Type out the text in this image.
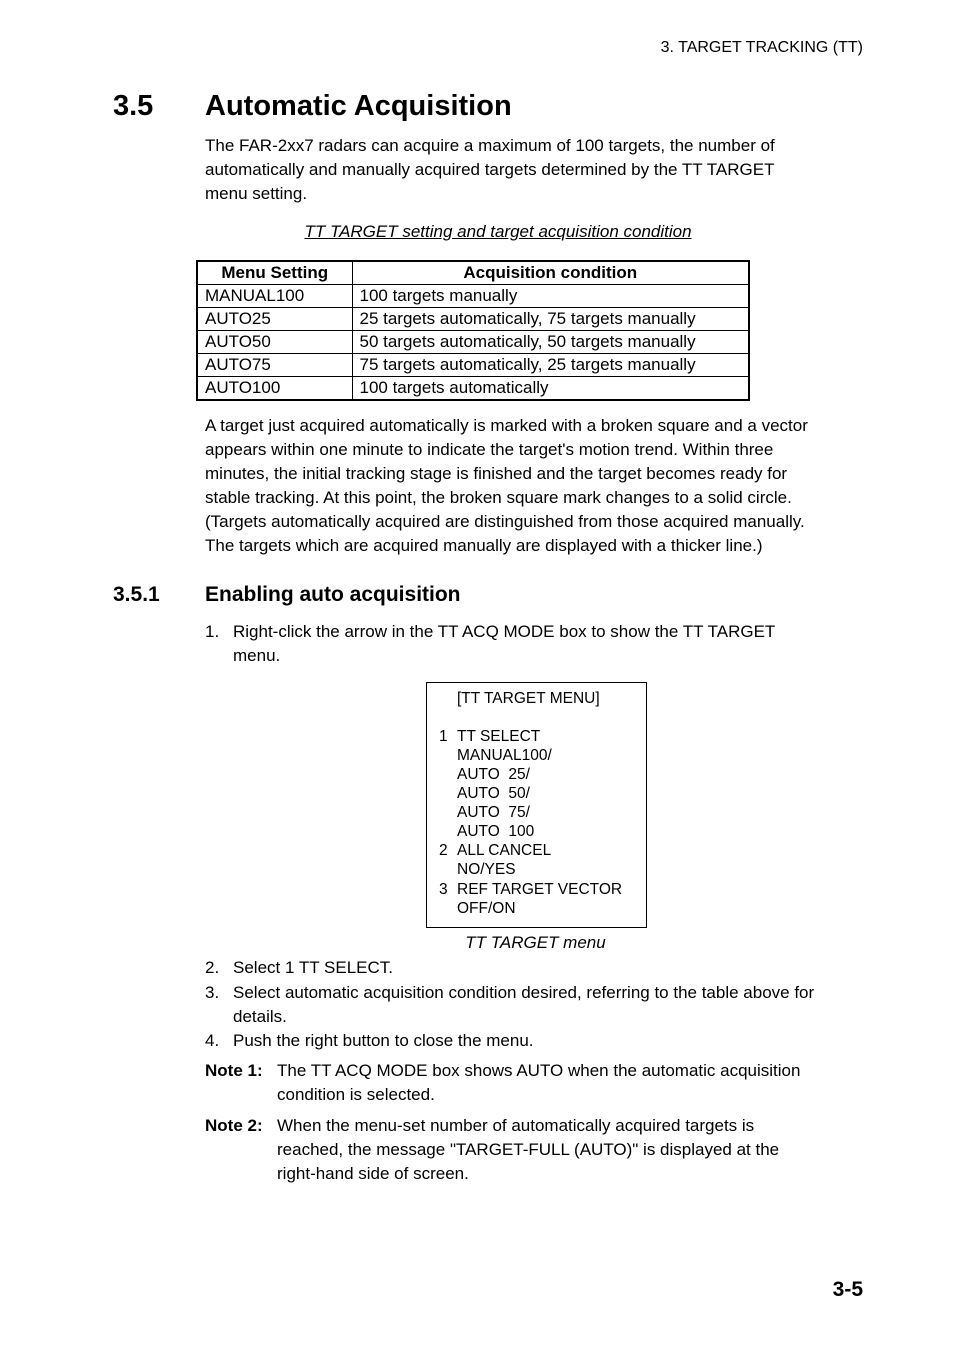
3. TARGET TRACKING (TT)
3.5 Automatic Acquisition
The FAR-2xx7 radars can acquire a maximum of 100 targets, the number of
automatically and manually acquired targets determined by the TT TARGET
menu setting.
TT TARGET setting and target acquisition condition
Menu Setting	Acquisition condition
MANUAL100	100 targets manually
AUTO25	25 targets automatically, 75 targets manually
AUTO50	50 targets automatically, 50 targets manually
AUTO75	75 targets automatically, 25 targets manually
AUTO100	100 targets automatically
A target just acquired automatically is marked with a broken square and a vector
appears within one minute to indicate the target's motion trend. Within three
minutes, the initial tracking stage is finished and the target becomes ready for
stable tracking. At this point, the broken square mark changes to a solid circle.
(Targets automatically acquired are distinguished from those acquired manually.
The targets which are acquired manually are displayed with a thicker line.)
3.5.1 Enabling auto acquisition
1. Right-click the arrow in the TT ACQ MODE box to show the TT TARGET
menu.
[TT TARGET MENU]
1 TT SELECT
MANUAL100/
AUTO  25/
AUTO  50/
AUTO  75/
AUTO  100
2 ALL CANCEL
NO/YES
3 REF TARGET VECTOR
OFF/ON
TT TARGET menu
2. Select 1 TT SELECT.
3. Select automatic acquisition condition desired, referring to the table above for
details.
4. Push the right button to close the menu.
Note 1: The TT ACQ MODE box shows AUTO when the automatic acquisition
condition is selected.
Note 2: When the menu-set number of automatically acquired targets is
reached, the message "TARGET-FULL (AUTO)" is displayed at the
right-hand side of screen.
3-5
